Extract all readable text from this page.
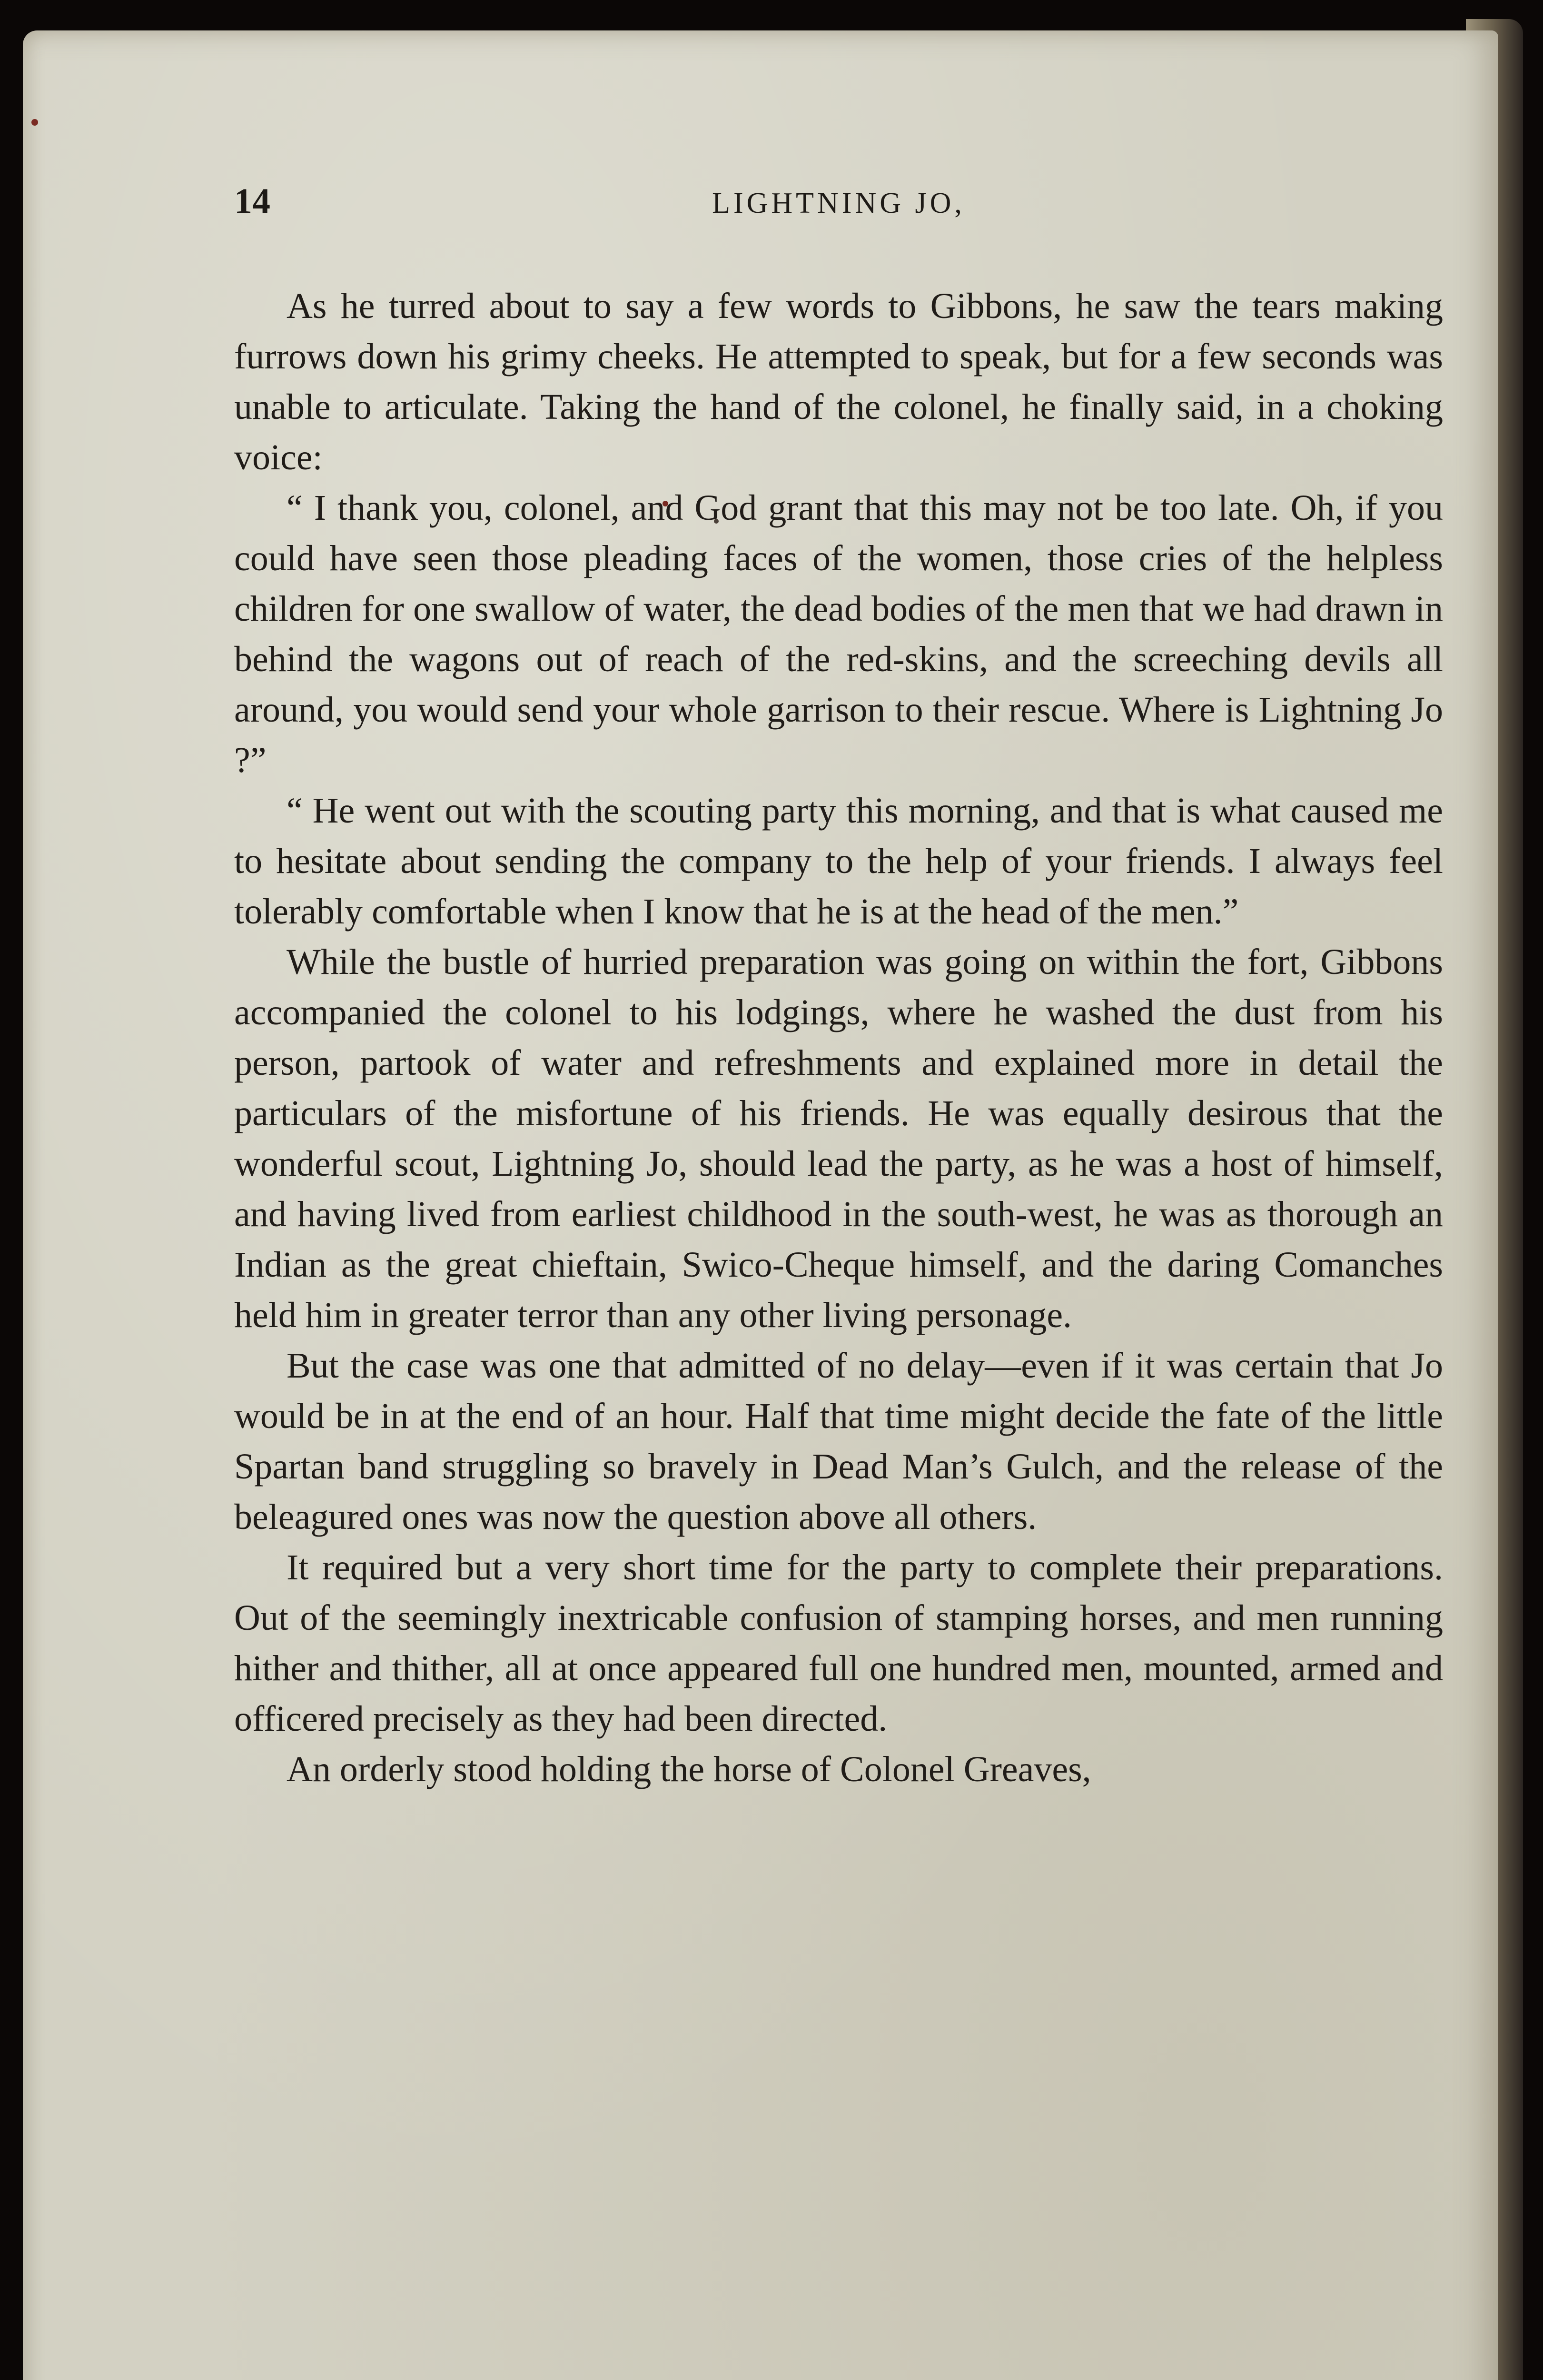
14	LIGHTNING JO,

As he turred about to say a few words to Gibbons, he saw the tears making furrows down his grimy cheeks. He attempted to speak, but for a few seconds was unable to articulate. Taking the hand of the colonel, he finally said, in a choking voice:

“ I thank you, colonel, and God grant that this may not be too late. Oh, if you could have seen those pleading faces of the women, those cries of the helpless children for one swallow of water, the dead bodies of the men that we had drawn in behind the wagons out of reach of the red-skins, and the screeching devils all around, you would send your whole garrison to their rescue. Where is Lightning Jo ?”

“ He went out with the scouting party this morning, and that is what caused me to hesitate about sending the company to the help of your friends. I always feel tolerably comfortable when I know that he is at the head of the men.”

While the bustle of hurried preparation was going on within the fort, Gibbons accompanied the colonel to his lodgings, where he washed the dust from his person, partook of water and refreshments and explained more in detail the particulars of the misfortune of his friends. He was equally desirous that the wonderful scout, Lightning Jo, should lead the party, as he was a host of himself, and having lived from earliest childhood in the south-west, he was as thorough an Indian as the great chieftain, Swico-Cheque himself, and the daring Comanches held him in greater terror than any other living personage.

But the case was one that admitted of no delay—even if it was certain that Jo would be in at the end of an hour. Half that time might decide the fate of the little Spartan band struggling so bravely in Dead Man’s Gulch, and the release of the beleagured ones was now the question above all others.

It required but a very short time for the party to complete their preparations. Out of the seemingly inextricable confusion of stamping horses, and men running hither and thither, all at once appeared full one hundred men, mounted, armed and officered precisely as they had been directed.

An orderly stood holding the horse of Colonel Greaves,
